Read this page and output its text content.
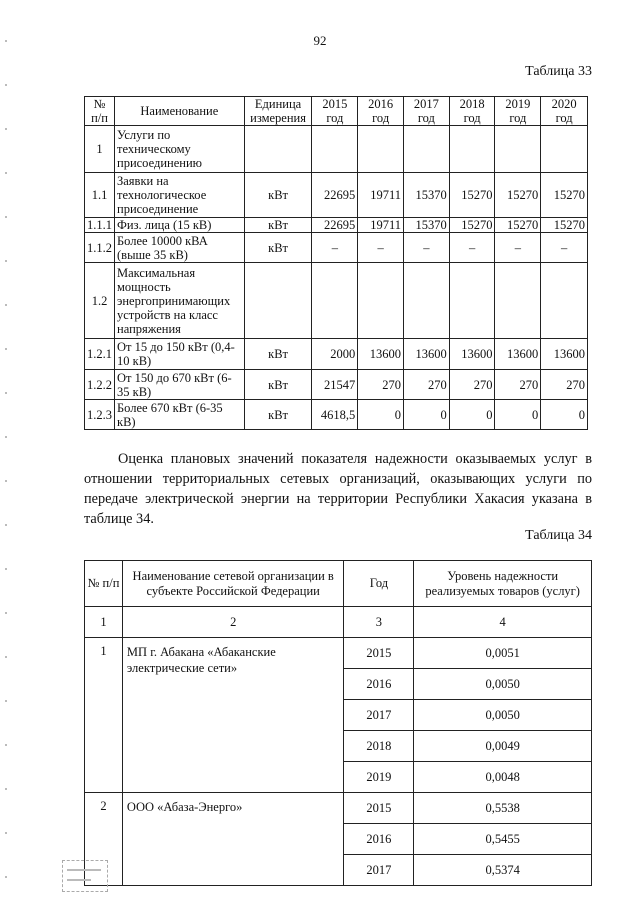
92
Таблица 33
№ п/п	Наименование	Единица измерения	2015 год	2016 год	2017 год	2018 год	2019 год	2020 год
1	Услуги по техническому присоединению							
1.1	Заявки на технологическое присоединение	кВт	22695	19711	15370	15270	15270	15270
1.1.1	Физ. лица (15 кВ)	кВт	22695	19711	15370	15270	15270	15270
1.1.2	Более 10000 кВА (выше 35 кВ)	кВт	–	–	–	–	–	–
1.2	Максимальная мощность энергопринимающих устройств на класс напряжения							
1.2.1	От 15 до 150 кВт (0,4-10 кВ)	кВт	2000	13600	13600	13600	13600	13600
1.2.2	От 150 до 670 кВт (6-35 кВ)	кВт	21547	270	270	270	270	270
1.2.3	Более 670 кВт (6-35 кВ)	кВт	4618,5	0	0	0	0	0
Оценка плановых значений показателя надежности оказываемых услуг в отношении территориальных сетевых организаций, оказывающих услуги по передаче электрической энергии на территории Республики Хакасия указана в таблице 34.
Таблица 34
№ п/п	Наименование сетевой организации в субъекте Российской Федерации	Год	Уровень надежности реализуемых товаров (услуг)
1	2	3	4
1	МП г. Абакана «Абаканские электрические сети»	2015	0,0051
		2016	0,0050
		2017	0,0050
		2018	0,0049
		2019	0,0048
2	ООО «Абаза-Энерго»	2015	0,5538
		2016	0,5455
		2017	0,5374
